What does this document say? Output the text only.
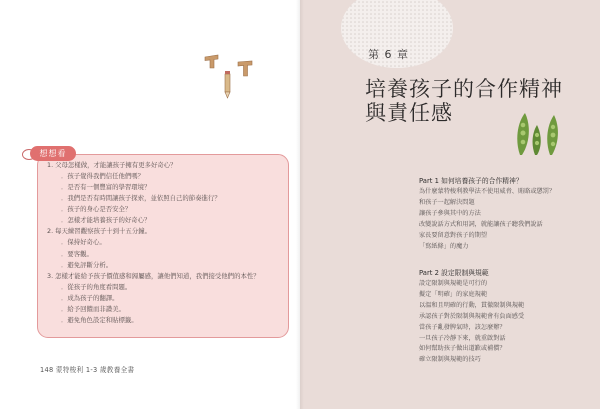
想想看
1. 父母怎樣做，才能讓孩子擁有更多好奇心？
．孩子覺得我們信任他們嗎？
．是否有一個豐富的學習環境？
．我們是否有時間讓孩子探索，並依照自己的節奏進行？
．孩子的身心是否安全？
．怎樣才能培養孩子的好奇心？
2. 每天練習觀察孩子十到十五分鐘。
．保持好奇心。
．要客觀。
．避免評斷分析。
3. 怎樣才能給予孩子價值感和歸屬感，讓他們知道，我們接受他們的本性？
．從孩子的角度看問題。
．成為孩子的翻譯。
．給予回饋而非讚美。
．避免角色設定和貼標籤。
148 蒙特梭利 1-3 歲教養全書
第 6 章
培養孩子的合作精神
與責任感
Part 1 如何培養孩子的合作精神？
為什麼蒙特梭利教學法不使用威脅、賄賂或懲罰？
和孩子一起解決問題
讓孩子參與其中的方法
改變說話方式和用詞，就能讓孩子聽我們說話
家長要留意對孩子的期望
「寫紙條」的魔力
Part 2 設定限制與規範
設定限制與規範是可行的
擬定「明確」的家庭規範
以溫和且明確的行動，貫徹限制與規範
承認孩子對於限制與規範會有負面感受
當孩子亂發脾氣時，該怎麼辦？
一旦孩子冷靜下來，就重啟對話
如何幫助孩子做出道歉或補償？
確立限制與規範的技巧
